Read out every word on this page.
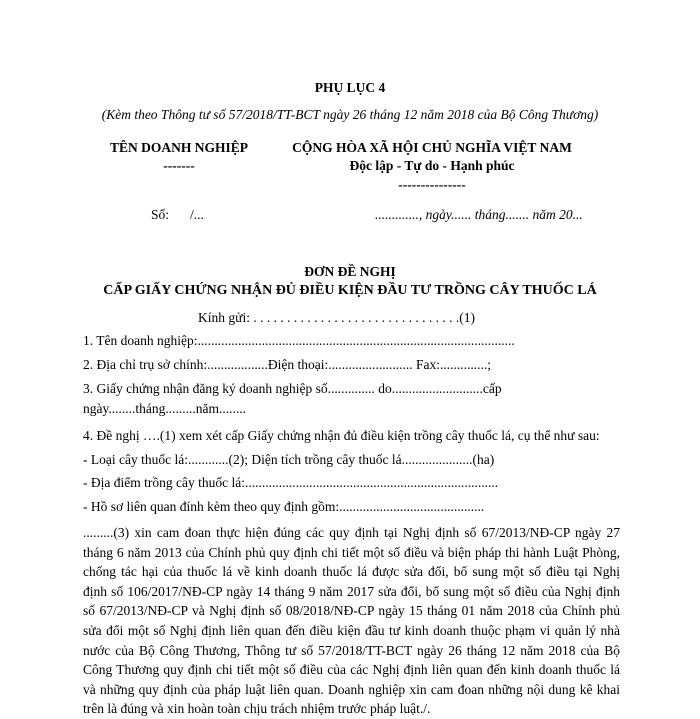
PHỤ LỤC 4
(Kèm theo Thông tư số 57/2018/TT-BCT ngày 26 tháng 12 năm 2018 của Bộ Công Thương)
TÊN DOANH NGHIỆP
-------
CỘNG HÒA XÃ HỘI CHỦ NGHĨA VIỆT NAM
Độc lập - Tự do - Hạnh phúc
---------------
Số: /...	............., ngày...... tháng....... năm 20...
ĐƠN ĐỀ NGHỊ
CẤP GIẤY CHỨNG NHẬN ĐỦ ĐIỀU KIỆN ĐẦU TƯ TRỒNG CÂY THUỐC LÁ
Kính gửi: . . . . . . . . . . . . . . . . . . . . . . . . . . . . . . .(1)
1. Tên doanh nghiệp:..............................................................................................
2. Địa chỉ trụ sở chính:..................Điện thoại:......................... Fax:..............;
3. Giấy chứng nhận đăng ký doanh nghiệp số.............. do...........................cấp
ngày........tháng.........năm........
4. Đề nghị ….(1) xem xét cấp Giấy chứng nhận đủ điều kiện trồng cây thuốc lá, cụ thể như sau:
- Loại cây thuốc lá:............(2); Diện tích trồng cây thuốc lá.....................(ha)
- Địa điểm trồng cây thuốc lá:...........................................................................
- Hồ sơ liên quan đính kèm theo quy định gồm:...........................................
.........(3) xin cam đoan thực hiện đúng các quy định tại Nghị định số 67/2013/NĐ-CP ngày 27
tháng 6 năm 2013 của Chính phủ quy định chi tiết một số điều và biện pháp thi hành Luật Phòng,
chống tác hại của thuốc lá về kinh doanh thuốc lá được sửa đổi, bổ sung một số điều tại Nghị
định số 106/2017/NĐ-CP ngày 14 tháng 9 năm 2017 sửa đổi, bổ sung một số điều của Nghị định
số 67/2013/NĐ-CP và Nghị định số 08/2018/NĐ-CP ngày 15 tháng 01 năm 2018 của Chính phủ
sửa đổi một số Nghị định liên quan đến điều kiện đầu tư kinh doanh thuộc phạm vi quản lý nhà
nước của Bộ Công Thương, Thông tư số 57/2018/TT-BCT ngày 26 tháng 12 năm 2018 của Bộ
Công Thương quy định chi tiết một số điều của các Nghị định liên quan đến kinh doanh thuốc lá
và những quy định của pháp luật liên quan. Doanh nghiệp xin cam đoan những nội dung kê khai
trên là đúng và xin hoàn toàn chịu trách nhiệm trước pháp luật./.
